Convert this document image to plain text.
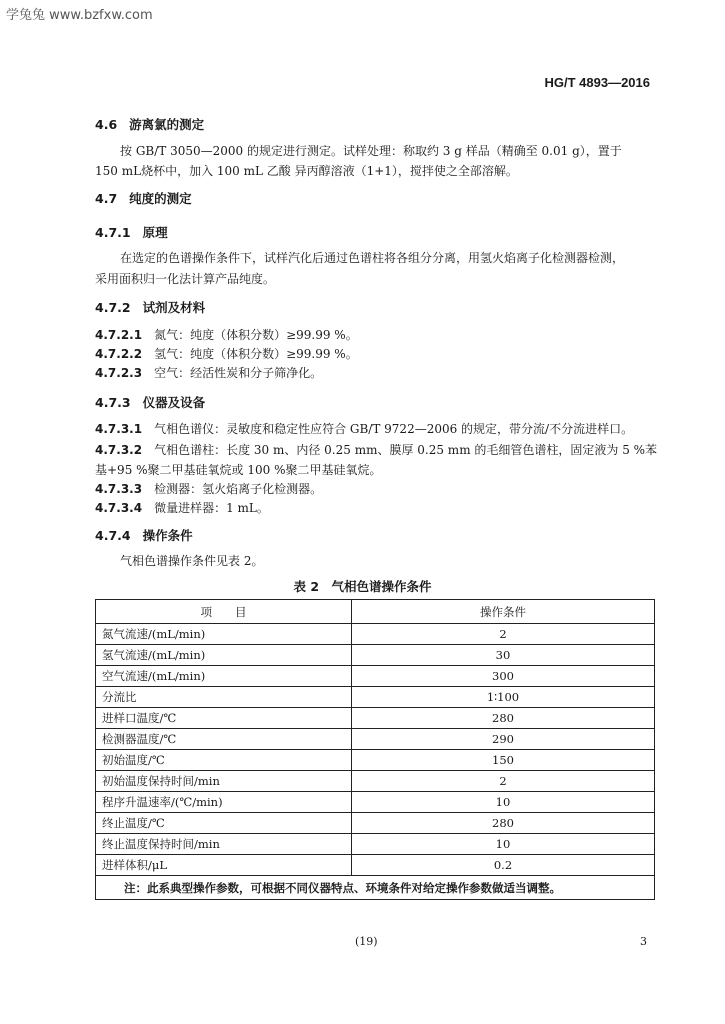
学兔兔 www.bzfxw.com
HG/T 4893—2016
4.6 游离氯的测定
按 GB/T 3050—2000 的规定进行测定。试样处理：称取约 3 g 样品（精确至 0.01 g），置于
150 mL烧杯中，加入 100 mL 乙酸 异丙醇溶液（1+1），搅拌使之全部溶解。
4.7 纯度的测定
4.7.1 原理
在选定的色谱操作条件下，试样汽化后通过色谱柱将各组分分离，用氢火焰离子化检测器检测，
采用面积归一化法计算产品纯度。
4.7.2 试剂及材料
4.7.2.1 氮气：纯度（体积分数）≥99.99 %。
4.7.2.2 氢气：纯度（体积分数）≥99.99 %。
4.7.2.3 空气：经活性炭和分子筛净化。
4.7.3 仪器及设备
4.7.3.1 气相色谱仪：灵敏度和稳定性应符合 GB/T 9722—2006 的规定，带分流/不分流进样口。
4.7.3.2 气相色谱柱：长度 30 m、内径 0.25 mm、膜厚 0.25 mm 的毛细管色谱柱，固定液为 5 %苯
基+95 %聚二甲基硅氧烷或 100 %聚二甲基硅氧烷。
4.7.3.3 检测器：氢火焰离子化检测器。
4.7.3.4 微量进样器：1 mL。
4.7.4 操作条件
气相色谱操作条件见表 2。
表 2　气相色谱操作条件
项　　目	操作条件
氮气流速/(mL/min)	2
氢气流速/(mL/min)	30
空气流速/(mL/min)	300
分流比	1∶100
进样口温度/℃	280
检测器温度/℃	290
初始温度/℃	150
初始温度保持时间/min	2
程序升温速率/(℃/min)	10
终止温度/℃	280
终止温度保持时间/min	10
进样体积/μL	0.2
注：此系典型操作参数，可根据不同仪器特点、环境条件对给定操作参数做适当调整。	
(19)	3
